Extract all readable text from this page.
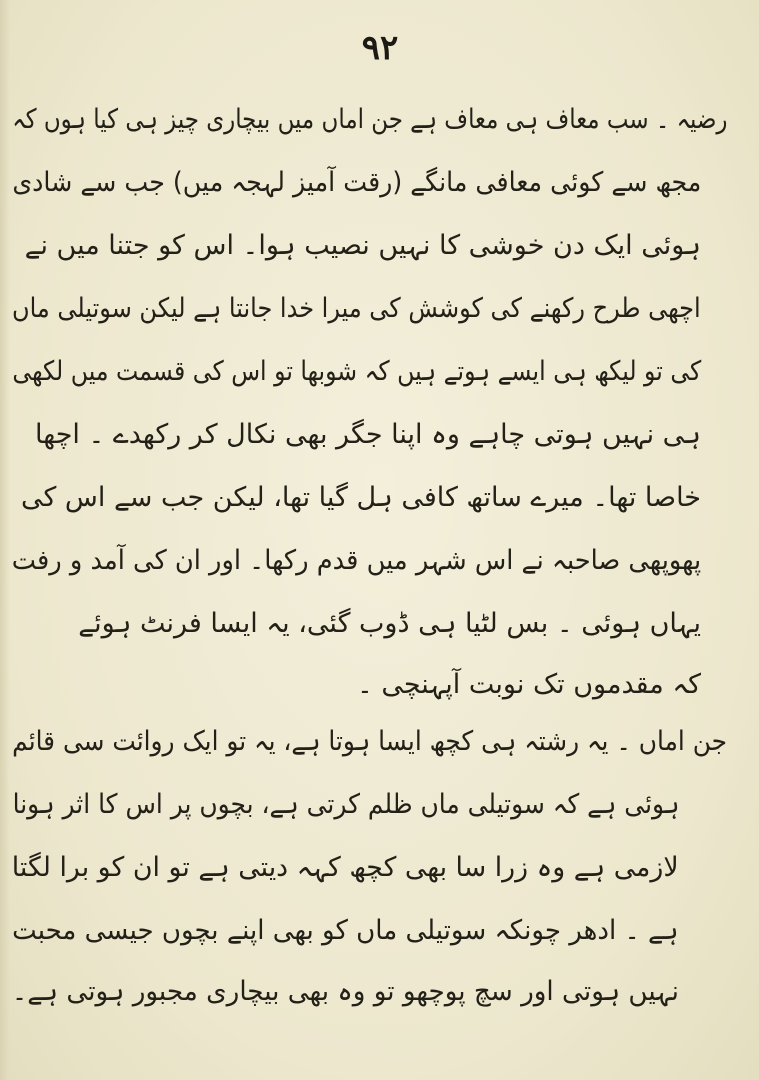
۹۲
رضیہ ۔ سب معاف ہی معاف ہے جن اماں میں بیچاری چیز ہی کیا ہوں کہ
مجھ سے کوئی معافی مانگے (رقت آمیز لہجہ میں) جب سے شادی
ہوئی ایک دن خوشی کا نہیں نصیب ہوا۔ اس کو جتنا میں نے
اچھی طرح رکھنے کی کوشش کی میرا خدا جانتا ہے لیکن سوتیلی ماں
کی تو لیکھ ہی ایسے ہوتے ہیں کہ شوبھا تو اس کی قسمت میں لکھی
ہی نہیں ہوتی چاہے وہ اپنا جگر بھی نکال کر رکھدے ۔ اچھا
خاصا تھا۔ میرے ساتھ کافی ہل گیا تھا، لیکن جب سے اس کی
پھوپھی صاحبہ نے اس شہر میں قدم رکھا۔ اور ان کی آمد و رفت
یہاں ہوئی ۔ بس لٹیا ہی ڈوب گئی، یہ ایسا فرنٹ ہوئے
کہ مقدموں تک نوبت آپہنچی ۔
جن اماں ۔ یہ رشتہ ہی کچھ ایسا ہوتا ہے، یہ تو ایک روائت سی قائم
ہوئی ہے کہ سوتیلی ماں ظلم کرتی ہے، بچوں پر اس کا اثر ہونا
لازمی ہے وہ زرا سا بھی کچھ کہہ دیتی ہے تو ان کو برا لگتا
ہے ۔ ادھر چونکہ سوتیلی ماں کو بھی اپنے بچوں جیسی محبت
نہیں ہوتی اور سچ پوچھو تو وہ بھی بیچاری مجبور ہوتی ہے۔
